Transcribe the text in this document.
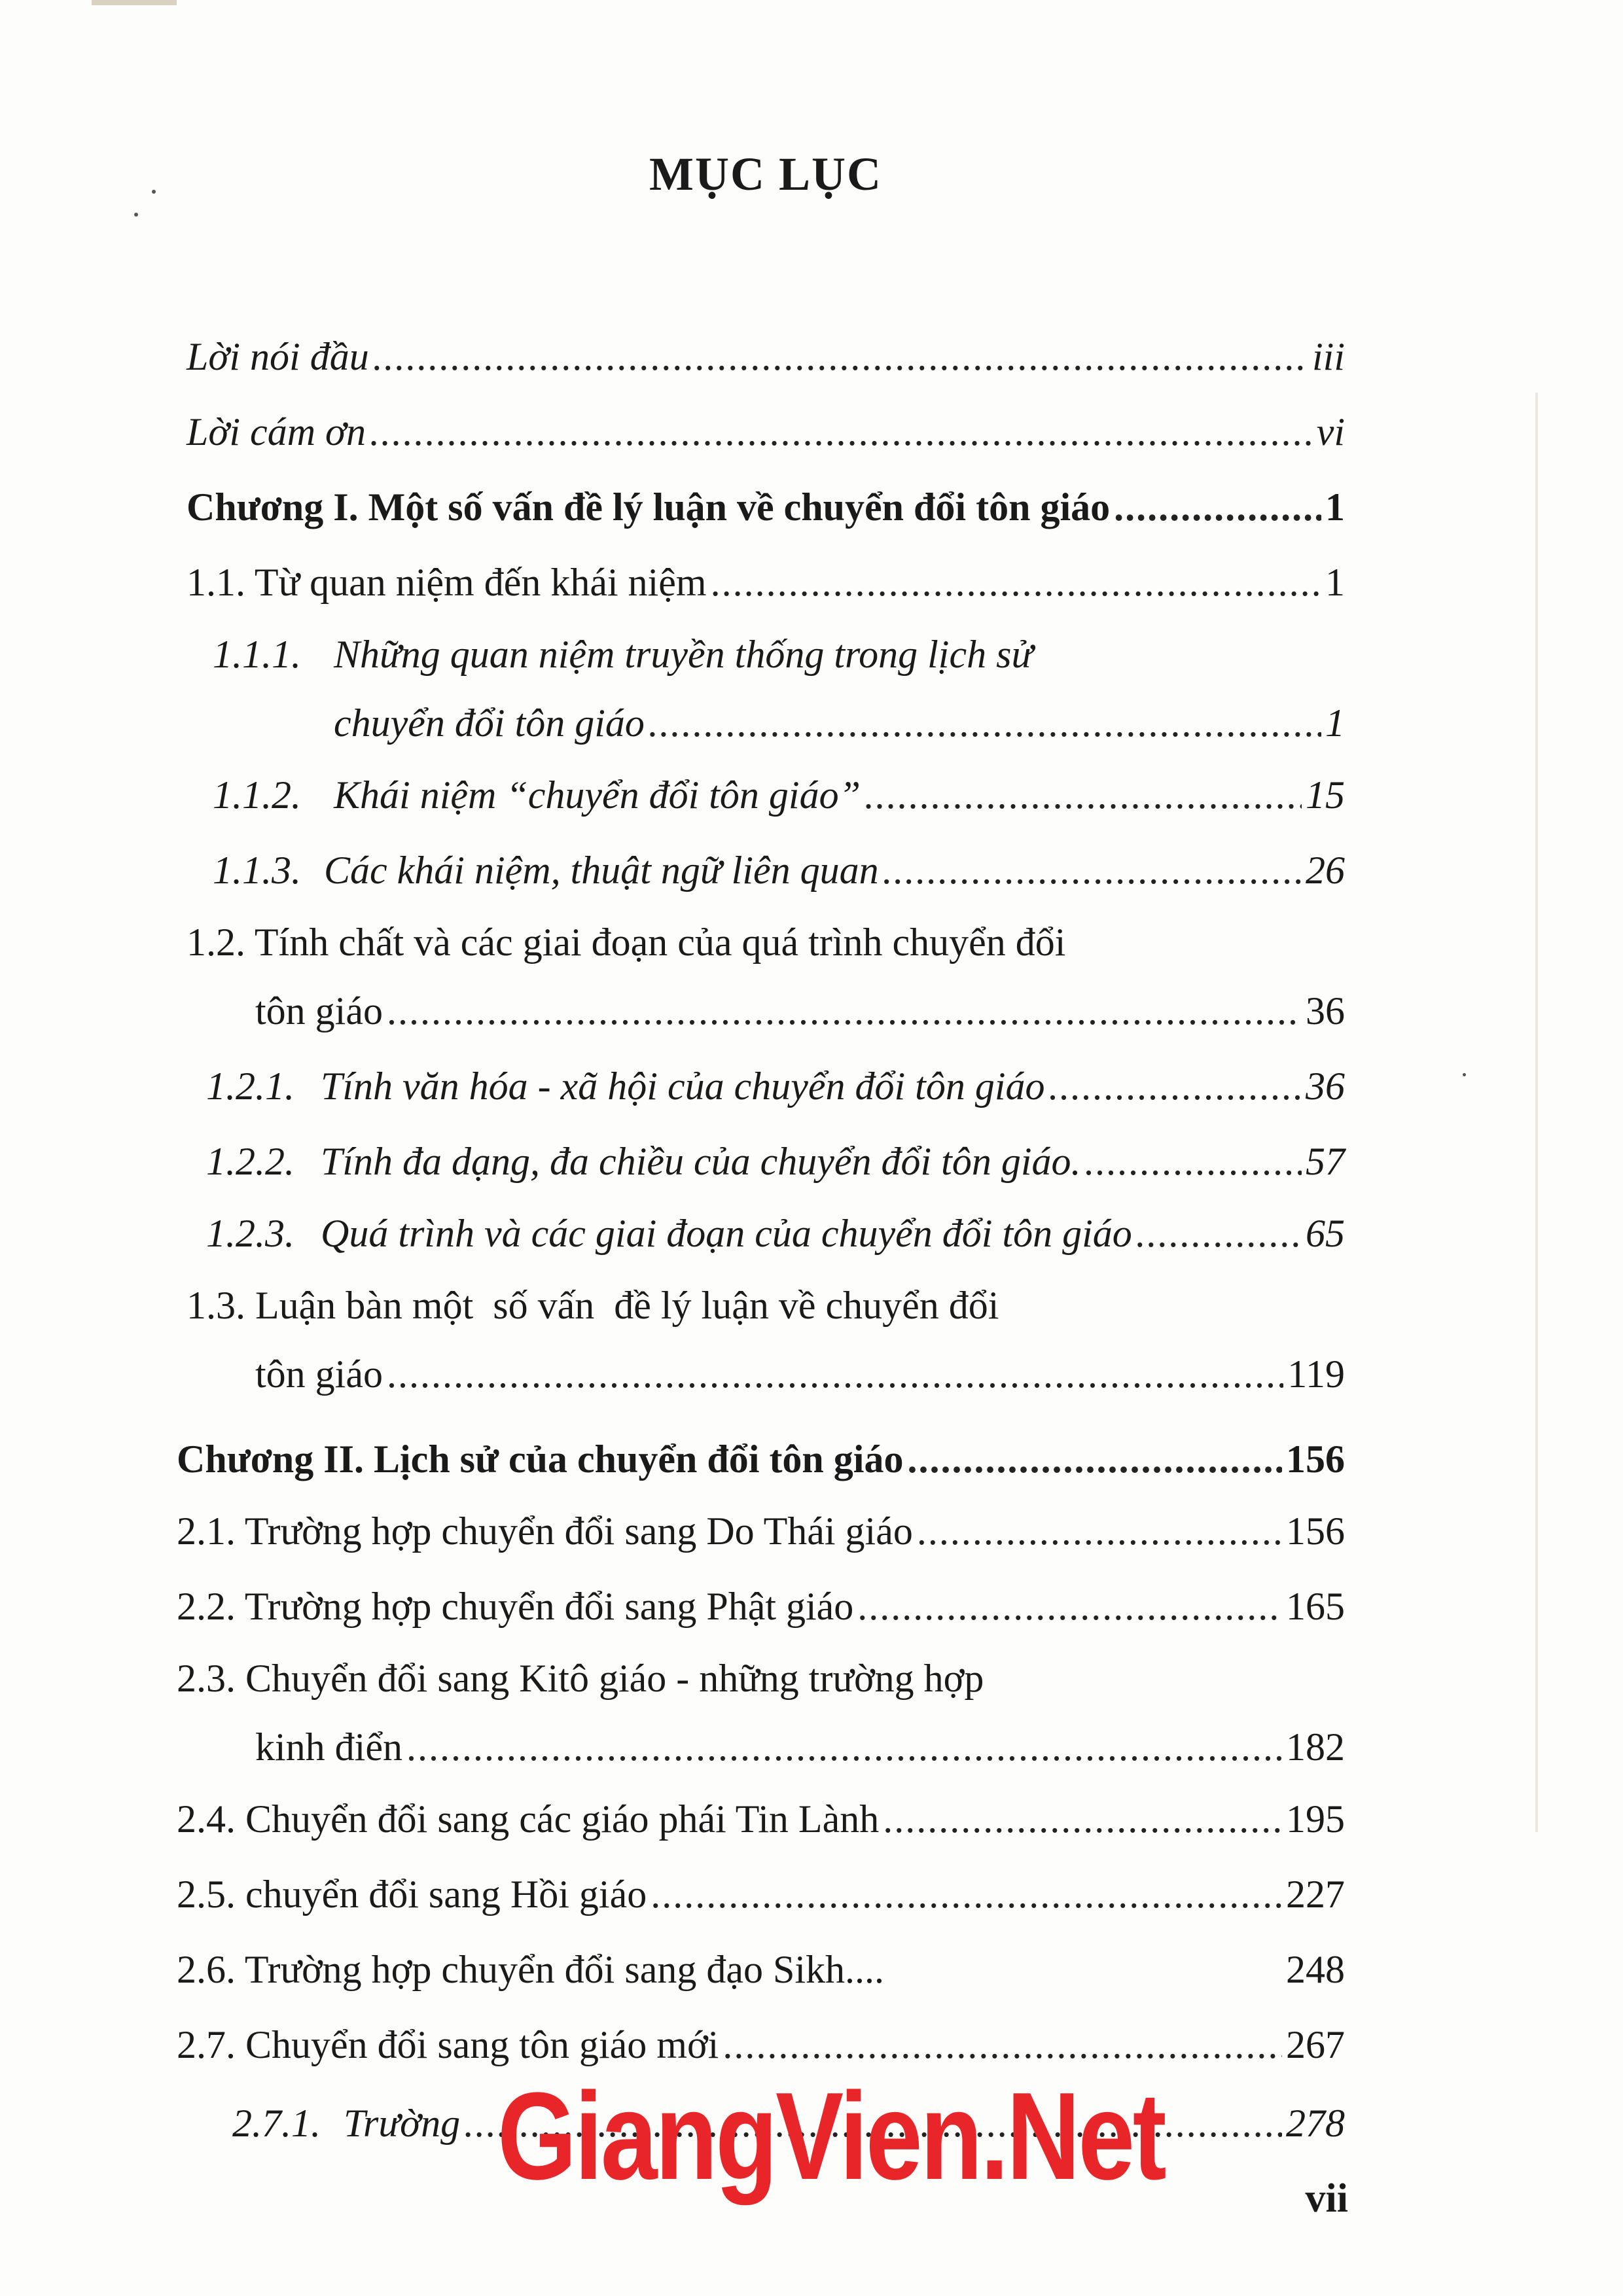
MỤC LỤC
Lời nói đầu .....	iii
Lời cám ơn .....	vi
Chương I. Một số vấn đề lý luận về chuyển đổi tôn giáo .....	1
1.1. Từ quan niệm đến khái niệm .....	1
1.1.1. Những quan niệm truyền thống trong lịch sử
chuyển đổi tôn giáo .....	1
1.1.2. Khái niệm “chuyển đổi tôn giáo” .....	15
1.1.3. Các khái niệm, thuật ngữ liên quan .....	26
1.2. Tính chất và các giai đoạn của quá trình chuyển đổi
tôn giáo .....	36
1.2.1. Tính văn hóa - xã hội của chuyển đổi tôn giáo .....	36
1.2.2. Tính đa dạng, đa chiều của chuyển đổi tôn giáo. .....	57
1.2.3. Quá trình và các giai đoạn của chuyển đổi tôn giáo .....	65
1.3. Luận bàn một  số vấn  đề lý luận về chuyển đổi
tôn giáo .....	119
Chương II. Lịch sử của chuyển đổi tôn giáo .....	156
2.1. Trường hợp chuyển đổi sang Do Thái giáo .....	156
2.2. Trường hợp chuyển đổi sang Phật giáo .....	165
2.3. Chuyển đổi sang Kitô giáo - những trường hợp
kinh điển .....	182
2.4. Chuyển đổi sang các giáo phái Tin Lành .....	195
2.5. chuyển đổi sang Hồi giáo .....	227
2.6. Trường hợp chuyển đổi sang đạo Sikh....	248
2.7. Chuyển đổi sang tôn giáo mới .....	267
2.7.1. Trường .....	278
GiangVien.Net	vii
